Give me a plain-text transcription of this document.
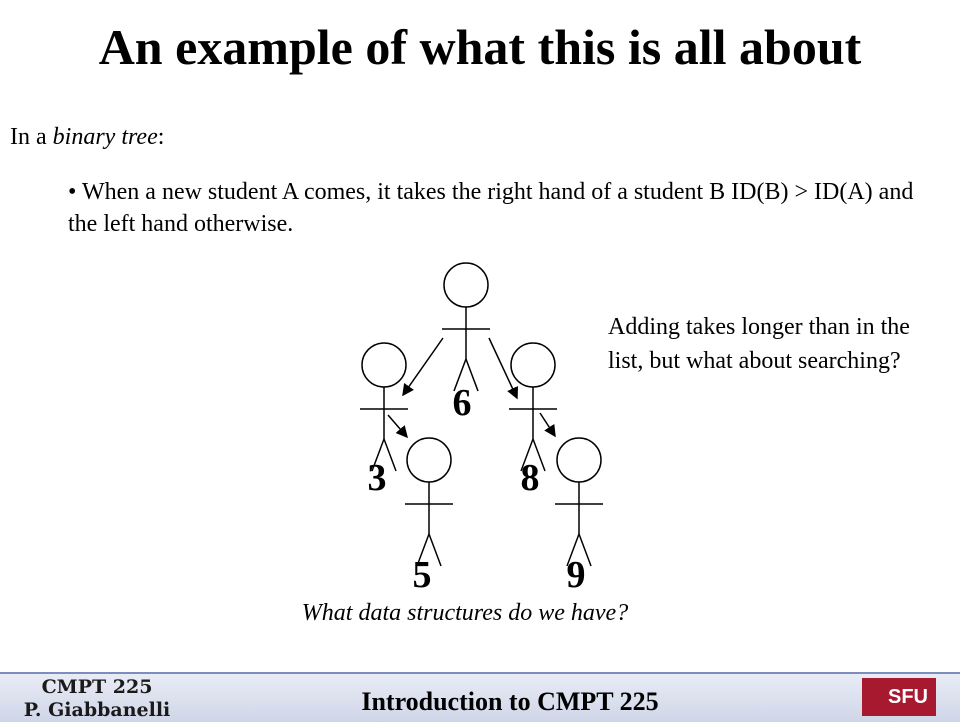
An example of what this is all about
In a binary tree:
• When a new student A comes, it takes the right hand of a student B ID(B) > ID(A) and the left hand otherwise.
6
3	8
5	9
Adding takes longer than in the list, but what about searching?
What data structures do we have?
CMPT 225
P. Giabbanelli	Introduction to CMPT 225	SFU
